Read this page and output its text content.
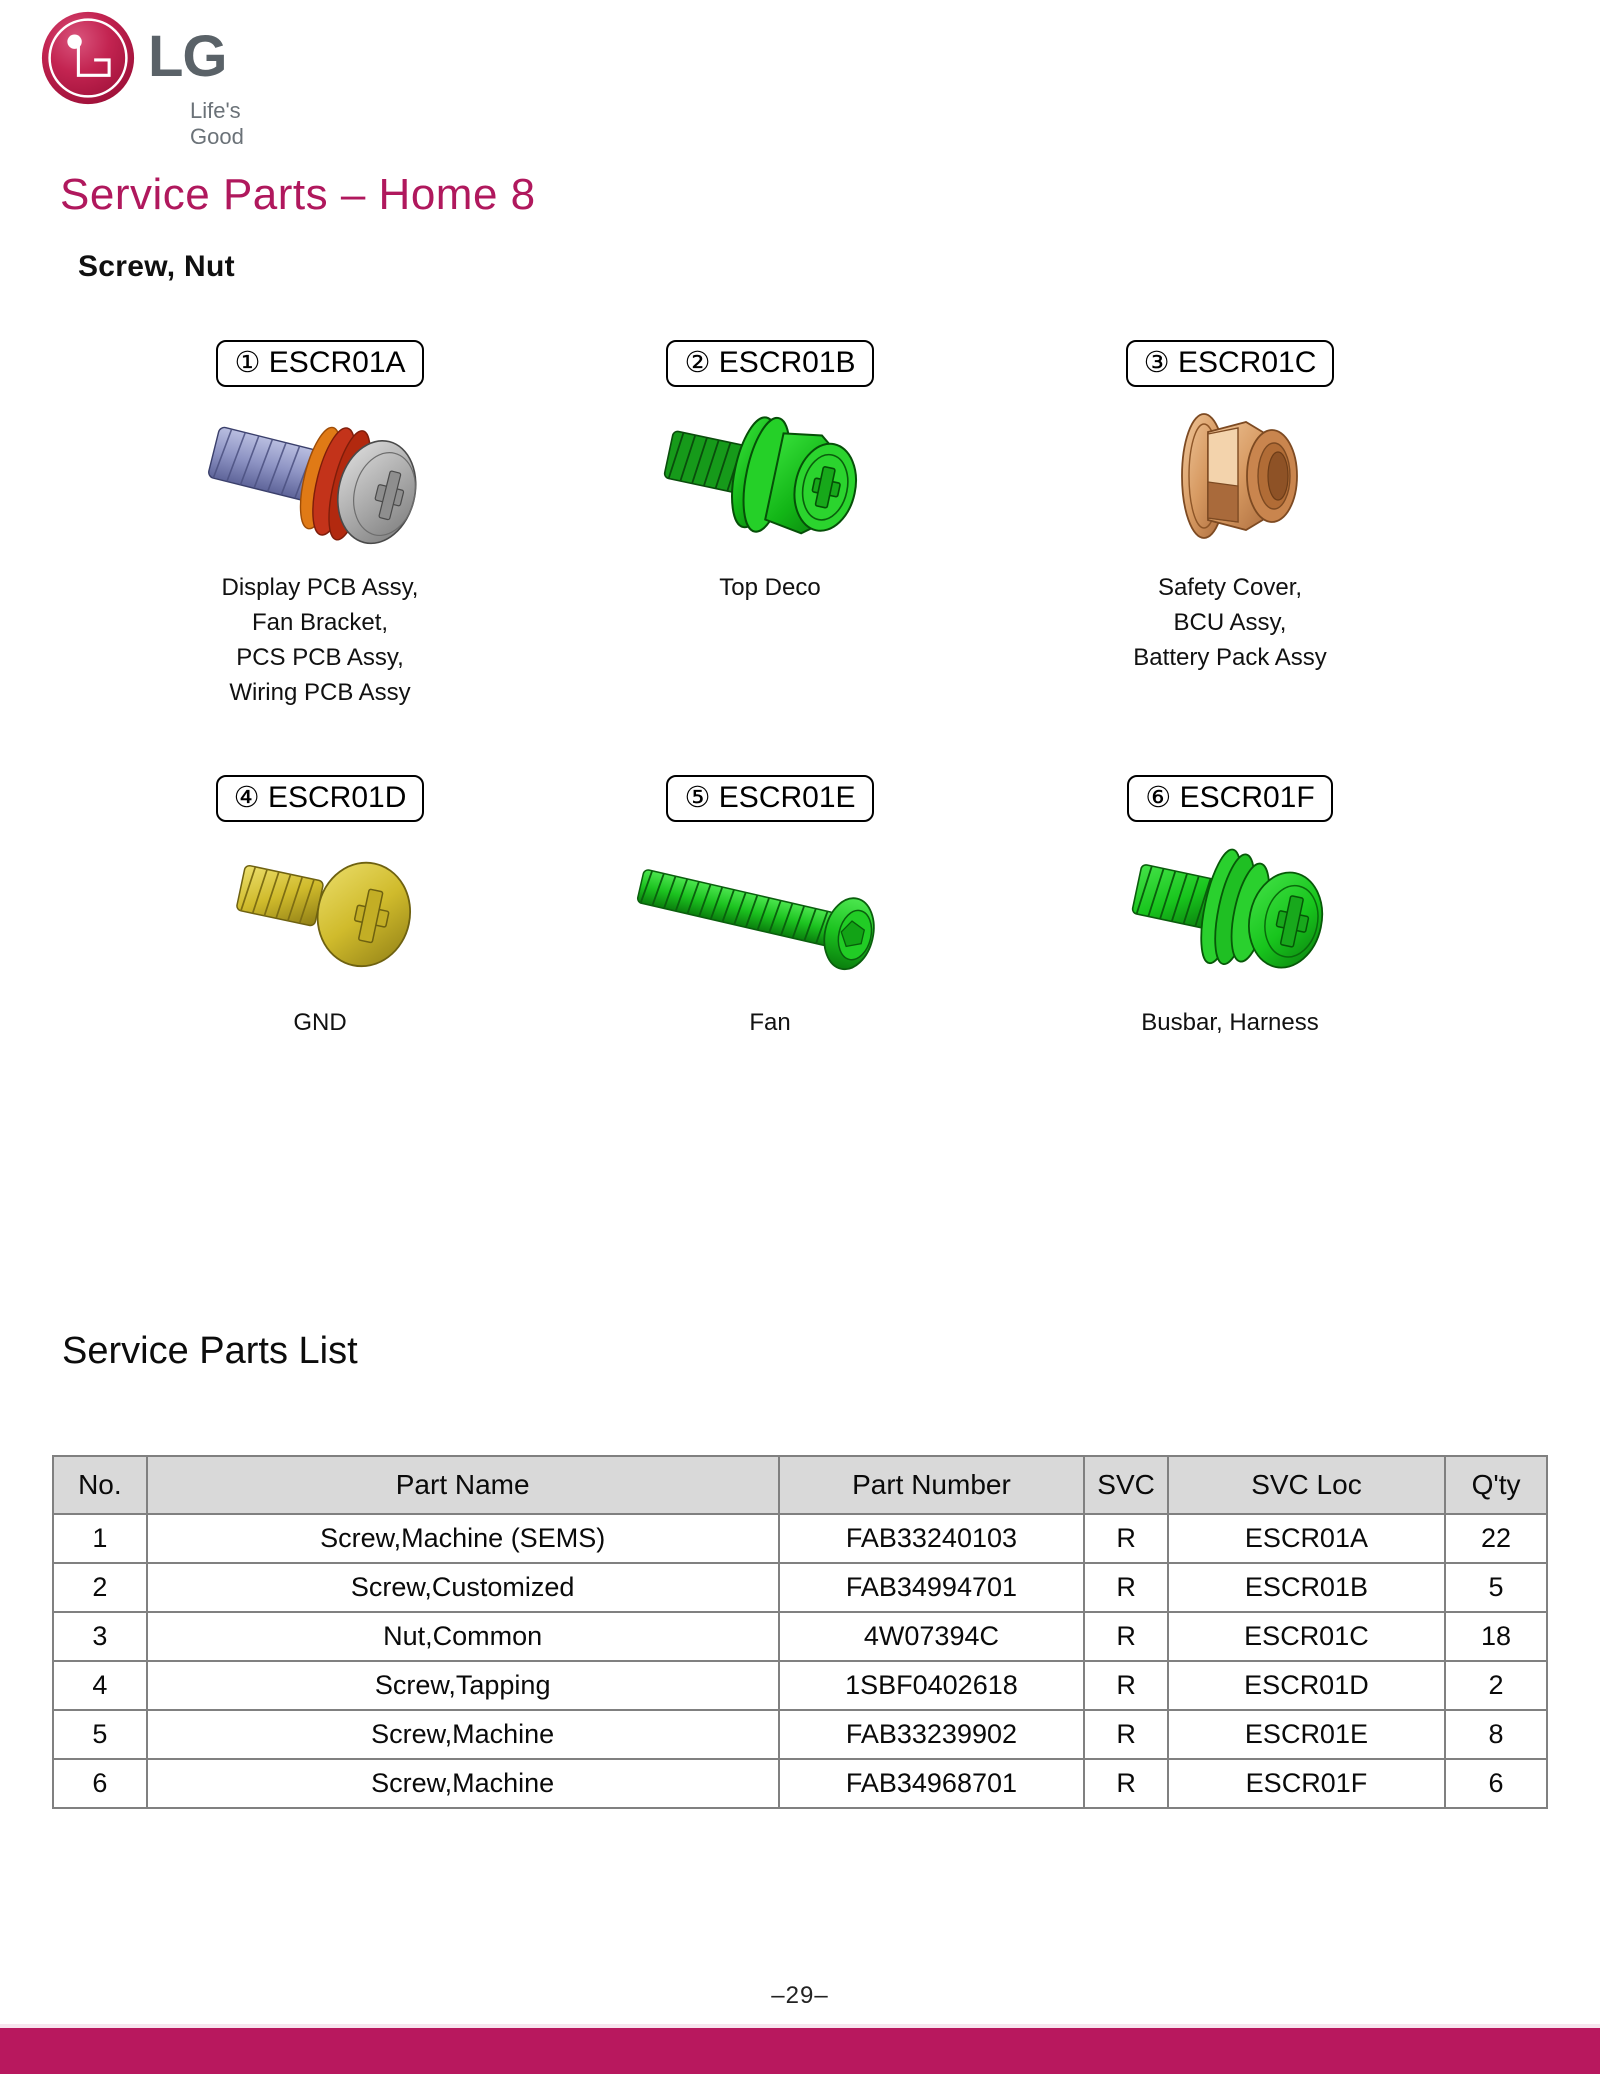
LG
Life's Good
Service Parts – Home 8
Screw, Nut
① ESCR01A
Display PCB Assy,
Fan Bracket,
PCS PCB Assy,
Wiring PCB Assy
② ESCR01B
Top Deco
③ ESCR01C
Safety Cover,
BCU Assy,
Battery Pack Assy
④ ESCR01D
GND
⑤ ESCR01E
Fan
⑥ ESCR01F
Busbar, Harness
Service Parts List
No.	Part Name	Part Number	SVC	SVC Loc	Q'ty
1	Screw,Machine (SEMS)	FAB33240103	R	ESCR01A	22
2	Screw,Customized	FAB34994701	R	ESCR01B	5
3	Nut,Common	4W07394C	R	ESCR01C	18
4	Screw,Tapping	1SBF0402618	R	ESCR01D	2
5	Screw,Machine	FAB33239902	R	ESCR01E	8
6	Screw,Machine	FAB34968701	R	ESCR01F	6
–29–
